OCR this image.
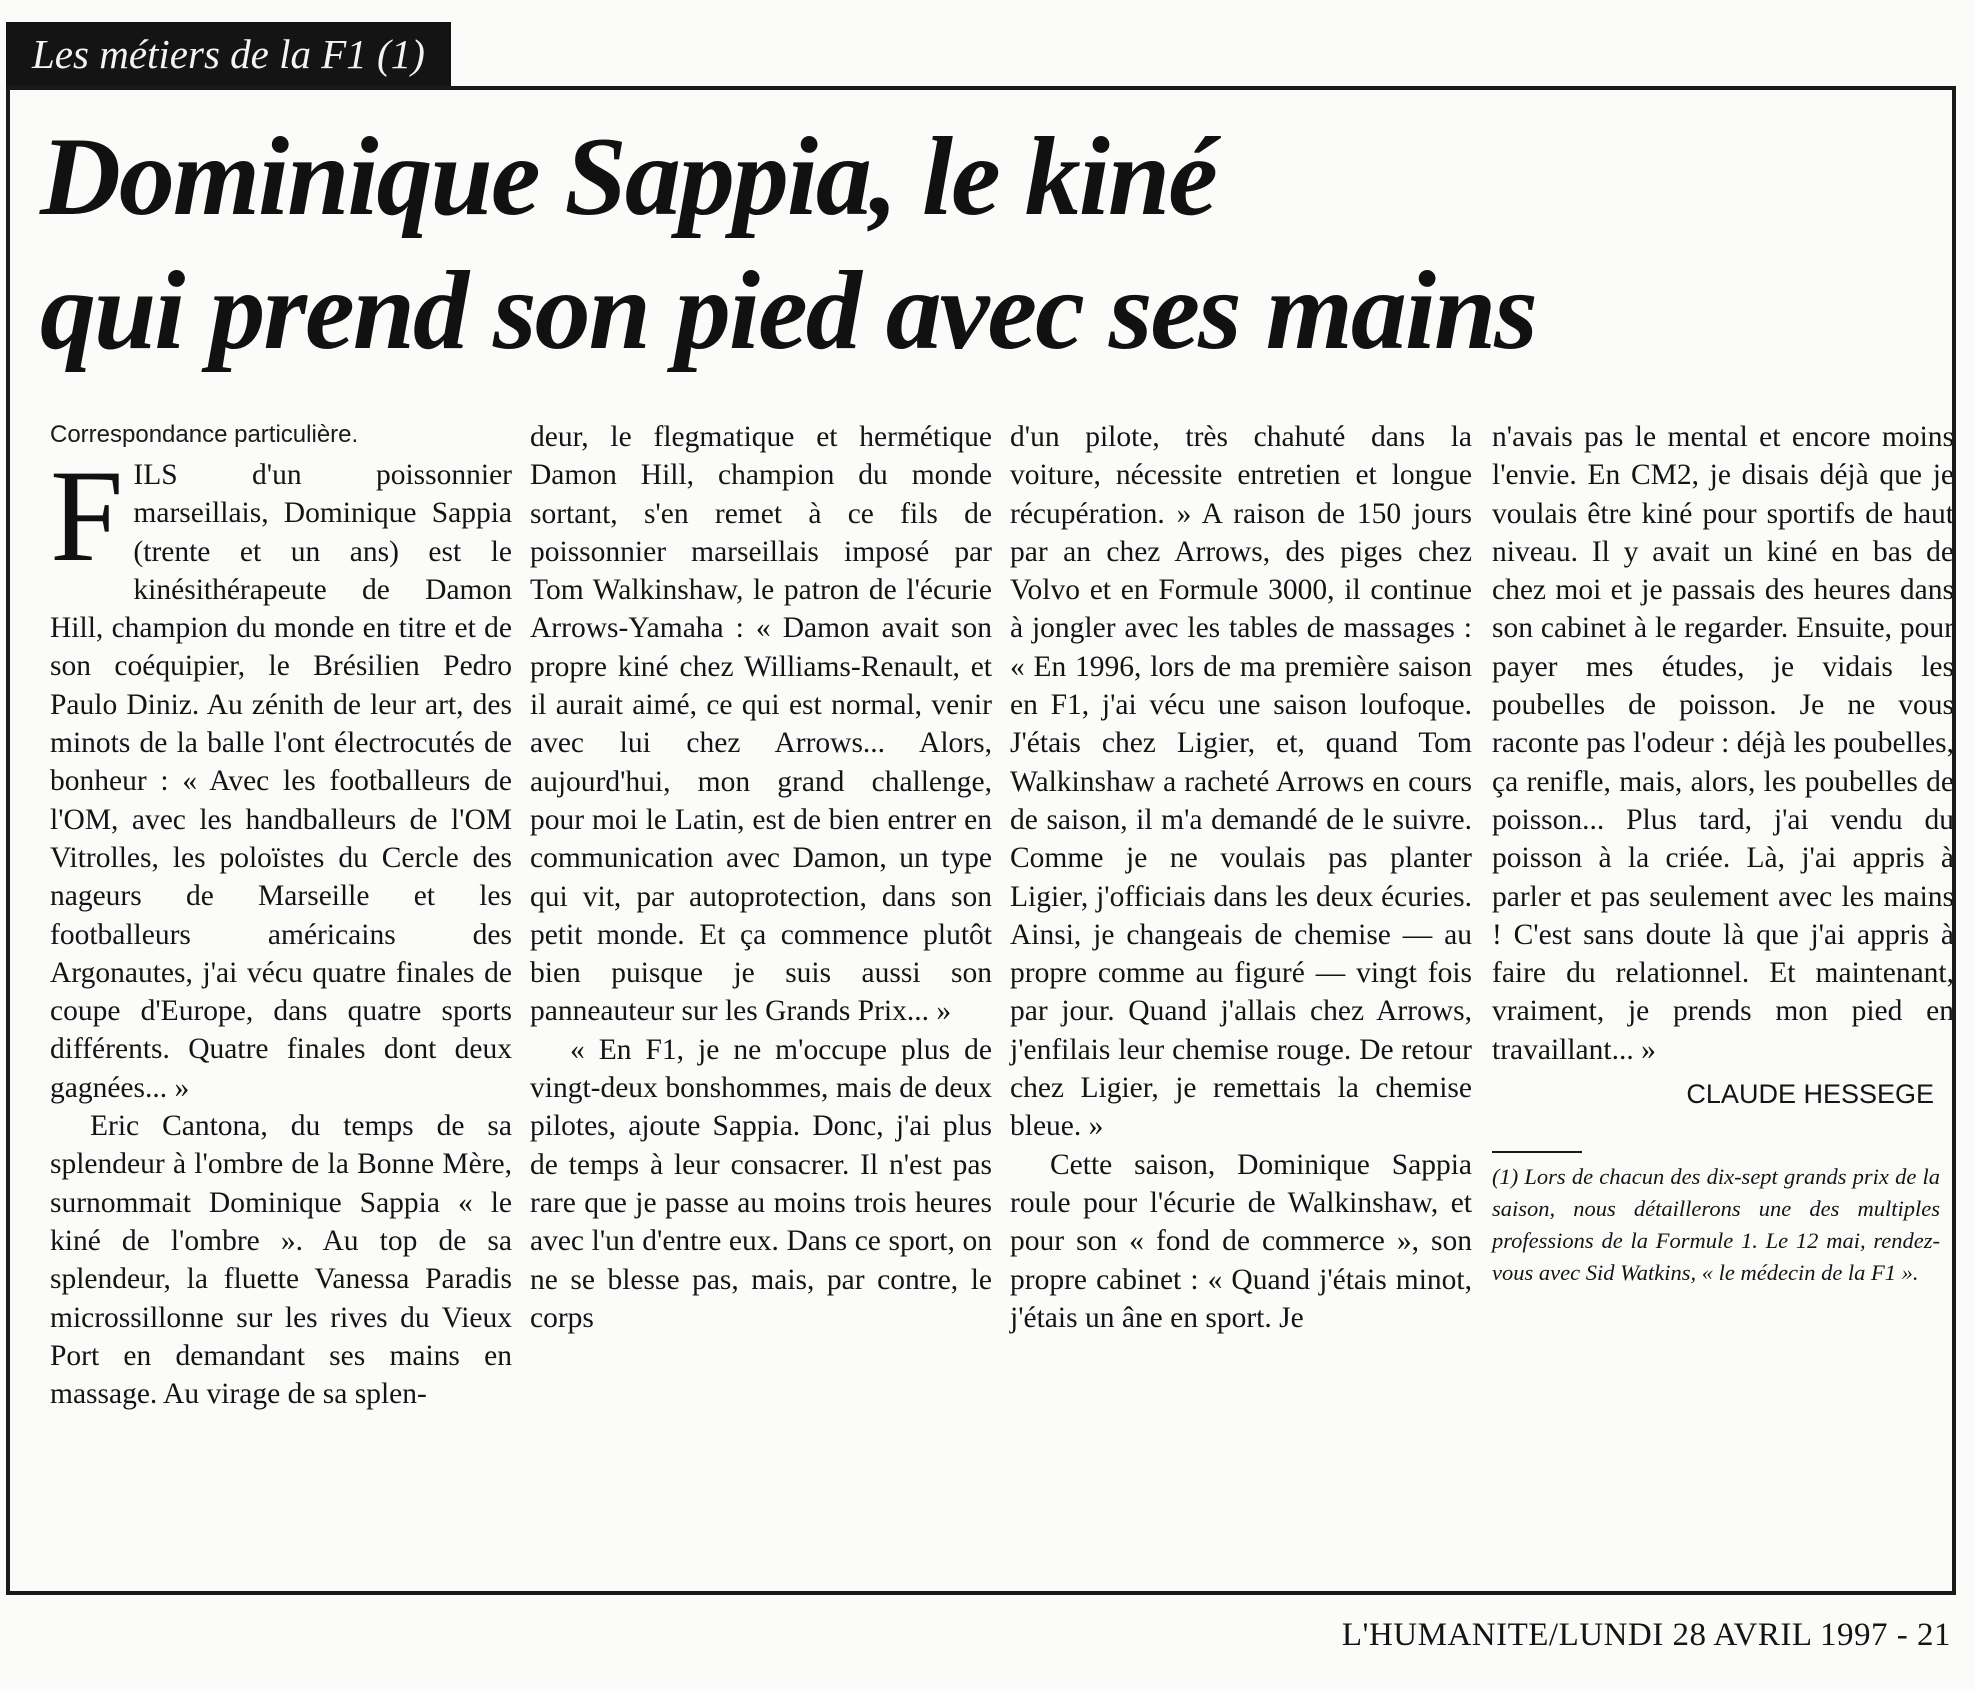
Les métiers de la F1 (1)
Dominique Sappia, le kiné
qui prend son pied avec ses mains

Correspondance particulière.

FILS d'un poissonnier marseillais, Dominique Sappia (trente et un ans) est le kinésithérapeute de Damon Hill, champion du monde en titre et de son coéquipier, le Brésilien Pedro Paulo Diniz. Au zénith de leur art, des minots de la balle l'ont électrocutés de bonheur : « Avec les footballeurs de l'OM, avec les handballeurs de l'OM Vitrolles, les poloïstes du Cercle des nageurs de Marseille et les footballeurs américains des Argonautes, j'ai vécu quatre finales de coupe d'Europe, dans quatre sports différents. Quatre finales dont deux gagnées... »

Eric Cantona, du temps de sa splendeur à l'ombre de la Bonne Mère, surnommait Dominique Sappia « le kiné de l'ombre ». Au top de sa splendeur, la fluette Vanessa Paradis microssillonne sur les rives du Vieux Port en demandant ses mains en massage. Au virage de sa splen-

deur, le flegmatique et hermétique Damon Hill, champion du monde sortant, s'en remet à ce fils de poissonnier marseillais imposé par Tom Walkinshaw, le patron de l'écurie Arrows-Yamaha : « Damon avait son propre kiné chez Williams-Renault, et il aurait aimé, ce qui est normal, venir avec lui chez Arrows... Alors, aujourd'hui, mon grand challenge, pour moi le Latin, est de bien entrer en communication avec Damon, un type qui vit, par autoprotection, dans son petit monde. Et ça commence plutôt bien puisque je suis aussi son panneauteur sur les Grands Prix... »

« En F1, je ne m'occupe plus de vingt-deux bonshommes, mais de deux pilotes, ajoute Sappia. Donc, j'ai plus de temps à leur consacrer. Il n'est pas rare que je passe au moins trois heures avec l'un d'entre eux. Dans ce sport, on ne se blesse pas, mais, par contre, le corps

d'un pilote, très chahuté dans la voiture, nécessite entretien et longue récupération. » A raison de 150 jours par an chez Arrows, des piges chez Volvo et en Formule 3000, il continue à jongler avec les tables de massages : « En 1996, lors de ma première saison en F1, j'ai vécu une saison loufoque. J'étais chez Ligier, et, quand Tom Walkinshaw a racheté Arrows en cours de saison, il m'a demandé de le suivre. Comme je ne voulais pas planter Ligier, j'officiais dans les deux écuries. Ainsi, je changeais de chemise — au propre comme au figuré — vingt fois par jour. Quand j'allais chez Arrows, j'enfilais leur chemise rouge. De retour chez Ligier, je remettais la chemise bleue. »

Cette saison, Dominique Sappia roule pour l'écurie de Walkinshaw, et pour son « fond de commerce », son propre cabinet : « Quand j'étais minot, j'étais un âne en sport. Je

n'avais pas le mental et encore moins l'envie. En CM2, je disais déjà que je voulais être kiné pour sportifs de haut niveau. Il y avait un kiné en bas de chez moi et je passais des heures dans son cabinet à le regarder. Ensuite, pour payer mes études, je vidais les poubelles de poisson. Je ne vous raconte pas l'odeur : déjà les poubelles, ça renifle, mais, alors, les poubelles de poisson... Plus tard, j'ai vendu du poisson à la criée. Là, j'ai appris à parler et pas seulement avec les mains ! C'est sans doute là que j'ai appris à faire du relationnel. Et maintenant, vraiment, je prends mon pied en travaillant... »

CLAUDE HESSEGE

(1) Lors de chacun des dix-sept grands prix de la saison, nous détaillerons une des multiples professions de la Formule 1. Le 12 mai, rendez-vous avec Sid Watkins, « le médecin de la F1 ».

L'HUMANITE/LUNDI 28 AVRIL 1997 - 21
